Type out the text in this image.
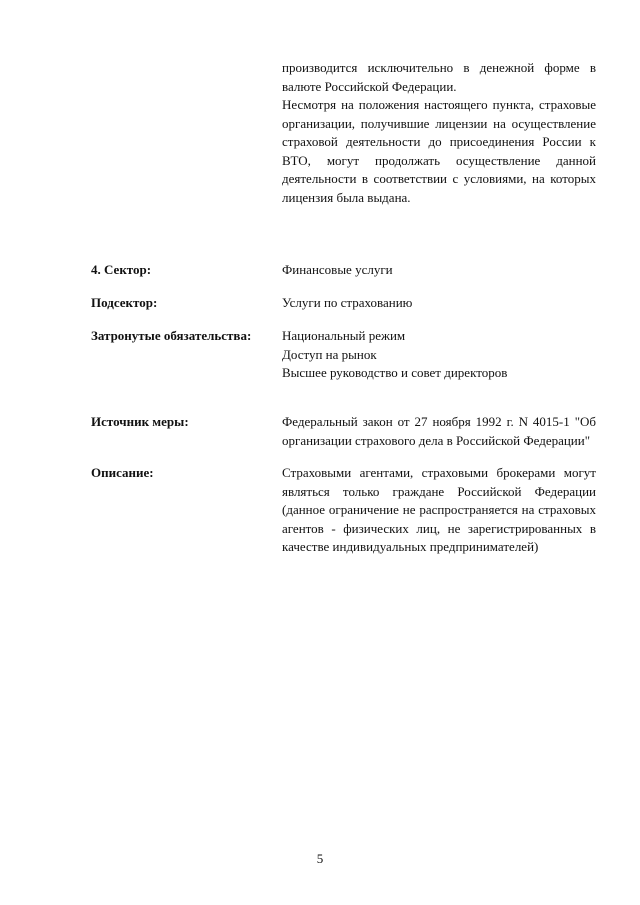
производится исключительно в денежной форме в валюте Российской Федерации.

Несмотря на положения настоящего пункта, страховые организации, получившие лицензии на осуществление страховой деятельности до присоединения России к ВТО, могут продолжать осуществление данной деятельности в соответствии с условиями, на которых лицензия была выдана.

4. Сектор:	Финансовые услуги
Подсектор:	Услуги по страхованию
Затронутые обязательства: Национальный режим
Доступ на рынок
Высшее руководство и совет директоров
Источник меры:	Федеральный закон от 27 ноября 1992 г. N 4015-1 "Об организации страхового дела в Российской Федерации"
Описание:	Страховыми агентами, страховыми брокерами могут являться только граждане Российской Федерации (данное ограничение не распространяется на страховых агентов - физических лиц, не зарегистрированных в качестве индивидуальных предпринимателей)
5
